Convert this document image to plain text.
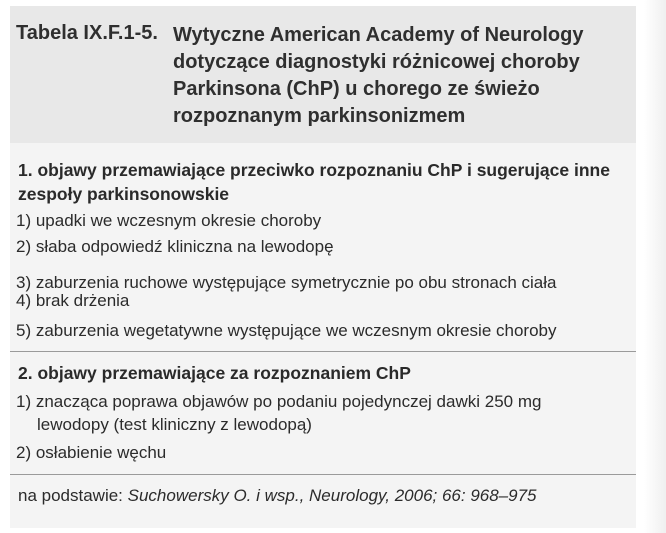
Tabela IX.F.1-5. Wytyczne American Academy of Neurology dotyczące diagnostyki różnicowej choroby Parkinsona (ChP) u chorego ze świeżo rozpoznanym parkinsonizmem
1. objawy przemawiające przeciwko rozpoznaniu ChP i sugerujące inne zespoły parkinsonowskie
1) upadki we wczesnym okresie choroby
2) słaba odpowiedź kliniczna na lewodopę
3) zaburzenia ruchowe występujące symetrycznie po obu stronach ciała
4) brak drżenia
5) zaburzenia wegetatywne występujące we wczesnym okresie choroby
2. objawy przemawiające za rozpoznaniem ChP
1) znacząca poprawa objawów po podaniu pojedynczej dawki 250 mg
lewodopy (test kliniczny z lewodopą)
2) osłabienie węchu
na podstawie: Suchowersky O. i wsp., Neurology, 2006; 66: 968–975
